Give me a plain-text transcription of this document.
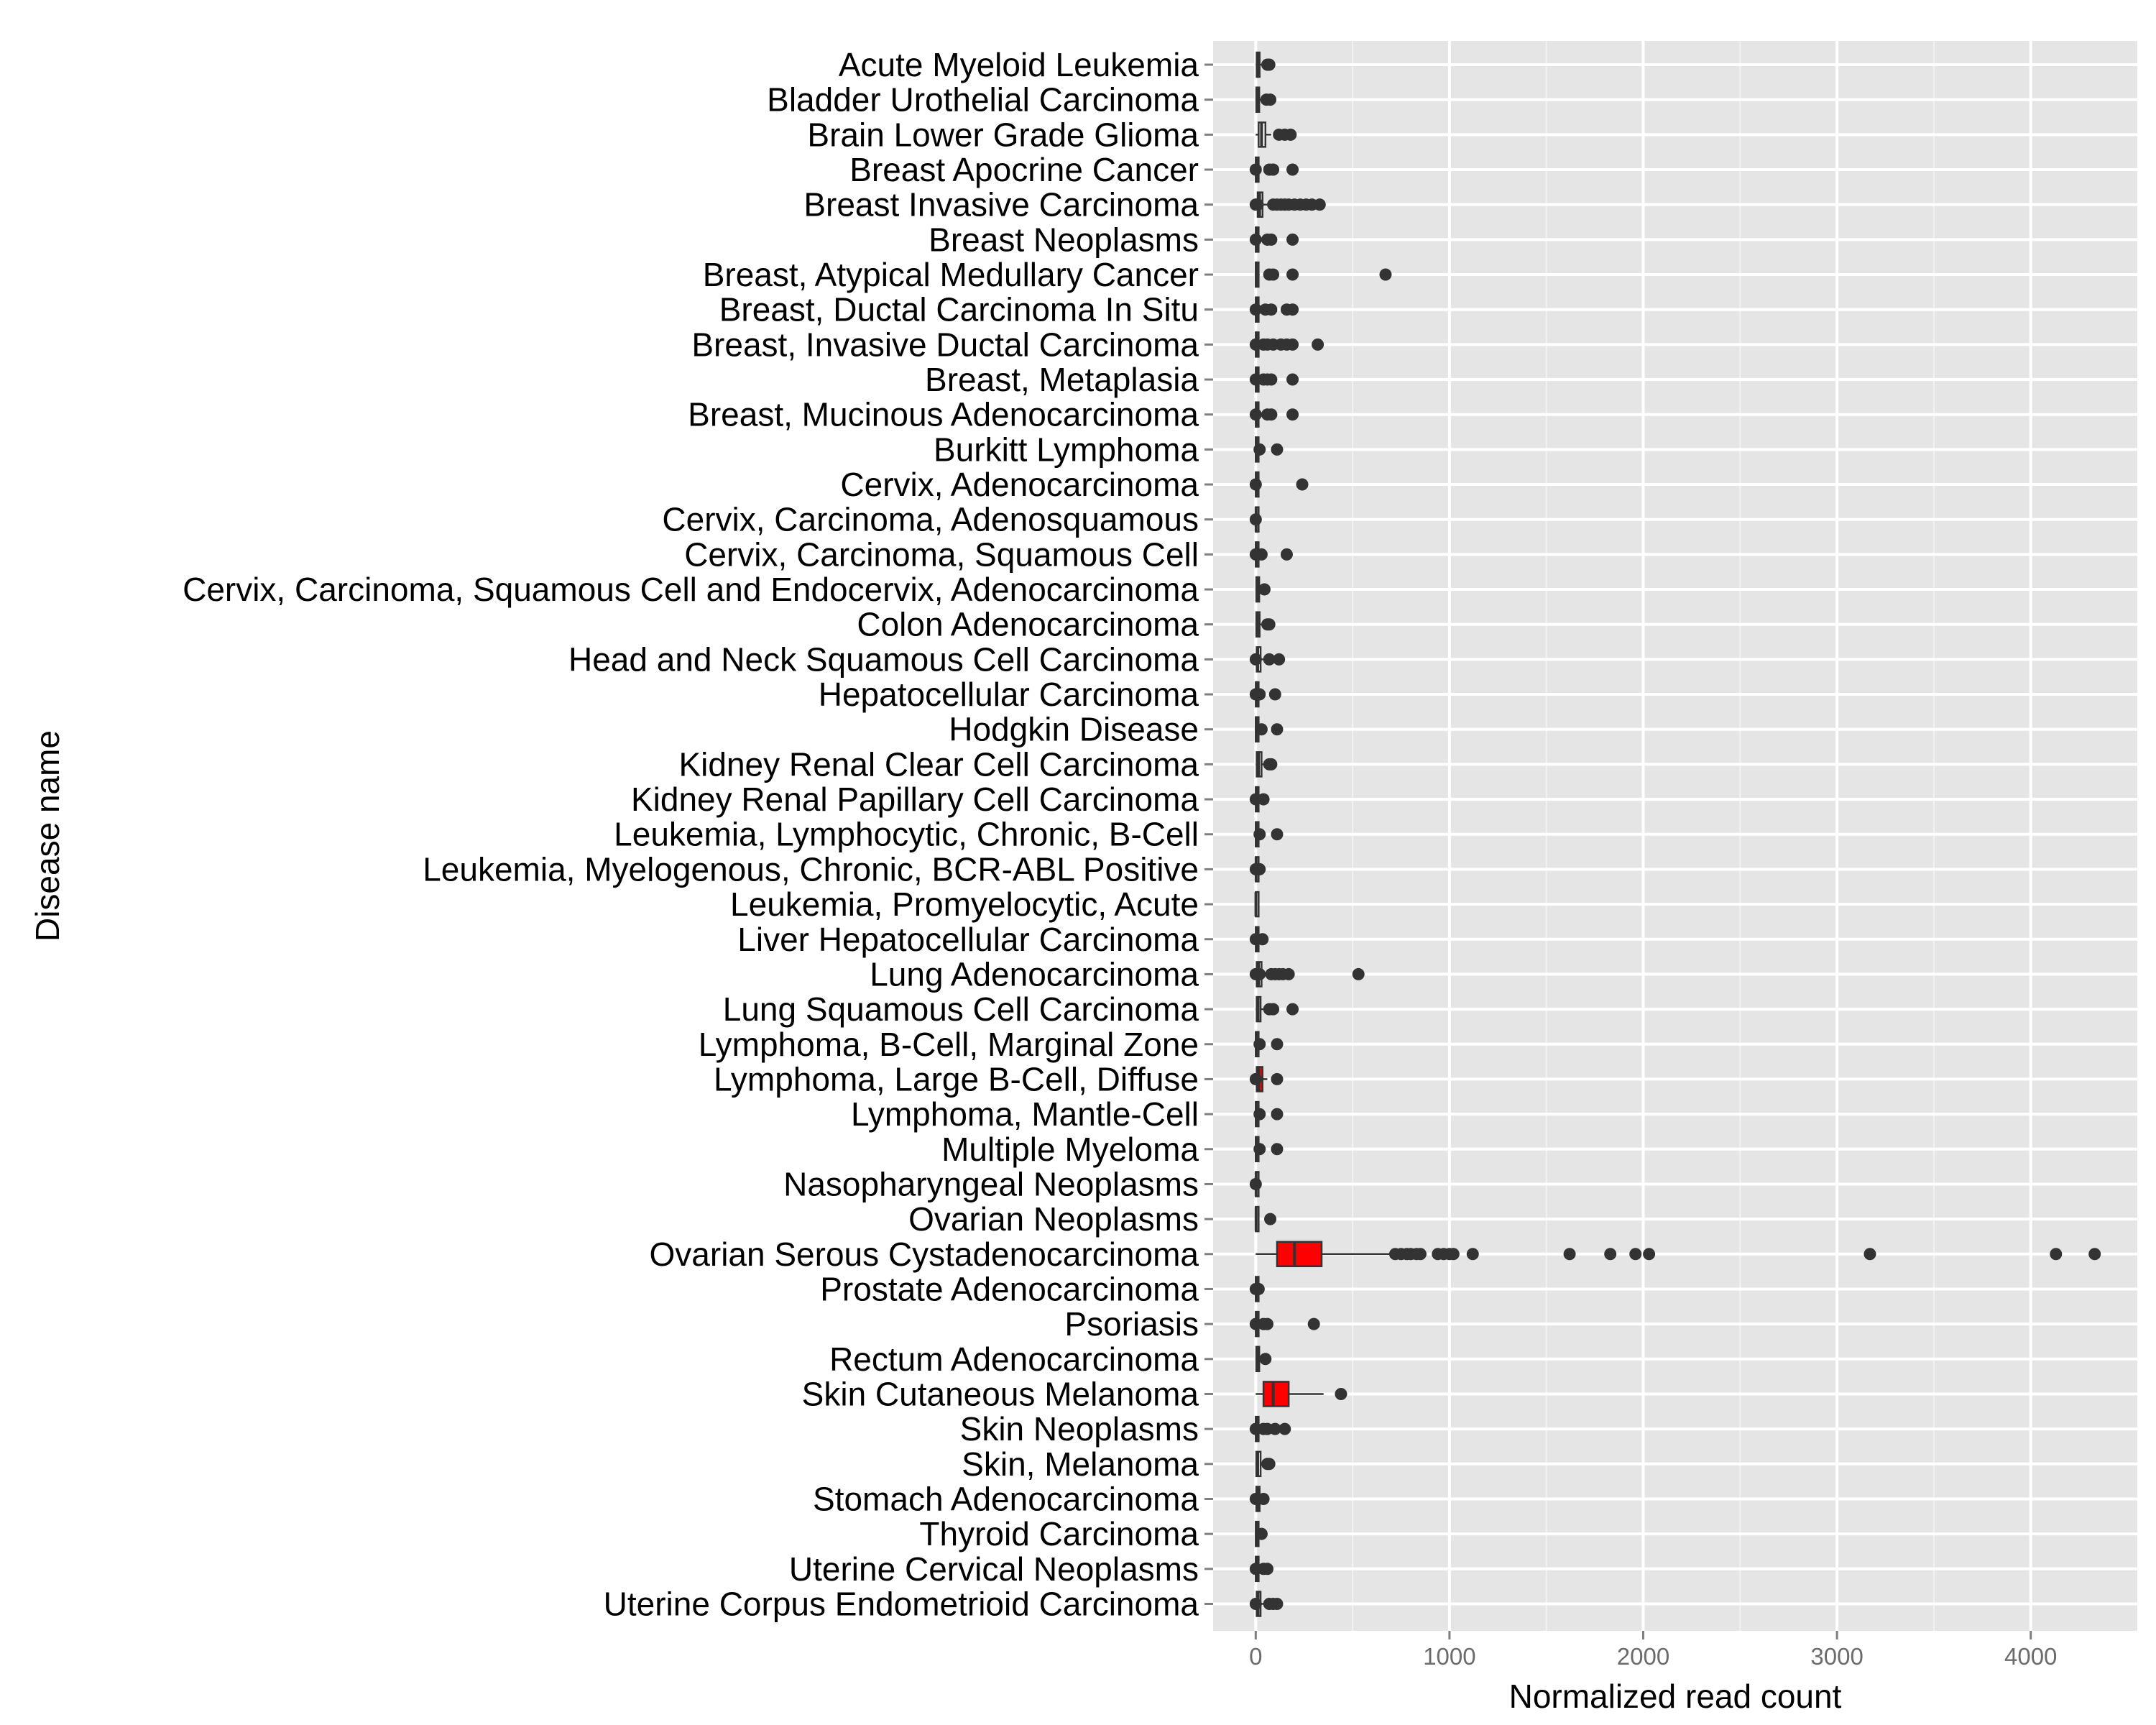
Acute Myeloid Leukemia
Bladder Urothelial Carcinoma
Brain Lower Grade Glioma
Breast Apocrine Cancer
Breast Invasive Carcinoma
Breast Neoplasms
Breast, Atypical Medullary Cancer
Breast, Ductal Carcinoma In Situ
Breast, Invasive Ductal Carcinoma
Breast, Metaplasia
Breast, Mucinous Adenocarcinoma
Burkitt Lymphoma
Cervix, Adenocarcinoma
Cervix, Carcinoma, Adenosquamous
Cervix, Carcinoma, Squamous Cell
Cervix, Carcinoma, Squamous Cell and Endocervix, Adenocarcinoma
Colon Adenocarcinoma
Head and Neck Squamous Cell Carcinoma
Hepatocellular Carcinoma
Hodgkin Disease
Kidney Renal Clear Cell Carcinoma
Kidney Renal Papillary Cell Carcinoma
Leukemia, Lymphocytic, Chronic, B-Cell
Leukemia, Myelogenous, Chronic, BCR-ABL Positive
Leukemia, Promyelocytic, Acute
Liver Hepatocellular Carcinoma
Lung Adenocarcinoma
Lung Squamous Cell Carcinoma
Lymphoma, B-Cell, Marginal Zone
Lymphoma, Large B-Cell, Diffuse
Lymphoma, Mantle-Cell
Multiple Myeloma
Nasopharyngeal Neoplasms
Ovarian Neoplasms
Ovarian Serous Cystadenocarcinoma
Prostate Adenocarcinoma
Psoriasis
Rectum Adenocarcinoma
Skin Cutaneous Melanoma
Skin Neoplasms
Skin, Melanoma
Stomach Adenocarcinoma
Thyroid Carcinoma
Uterine Cervical Neoplasms
Uterine Corpus Endometrioid Carcinoma
0	1000	2000	3000	4000
Normalized read count
Disease name
